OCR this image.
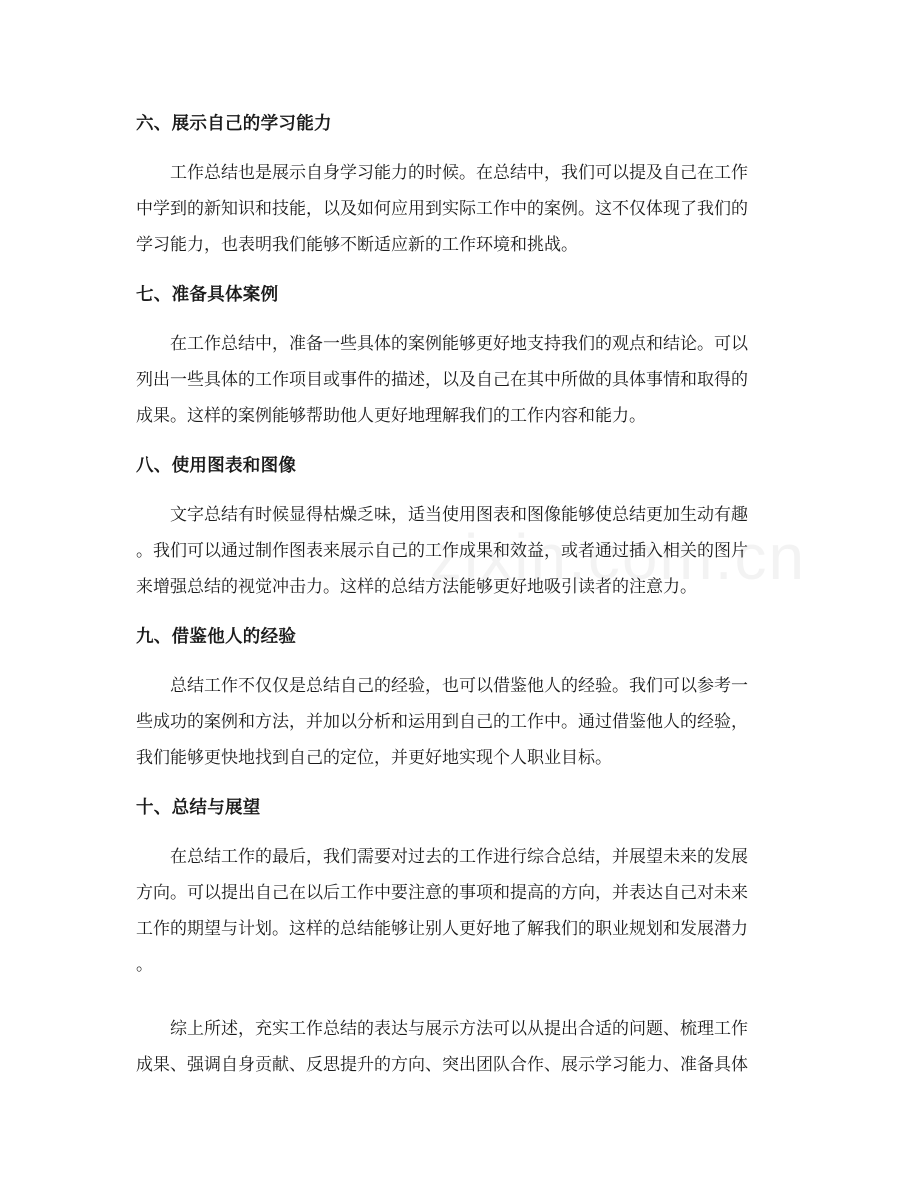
六、展示自己的学习能力
工作总结也是展示自身学习能力的时候。在总结中，我们可以提及自己在工作
中学到的新知识和技能，以及如何应用到实际工作中的案例。这不仅体现了我们的
学习能力，也表明我们能够不断适应新的工作环境和挑战。
七、准备具体案例
在工作总结中，准备一些具体的案例能够更好地支持我们的观点和结论。可以
列出一些具体的工作项目或事件的描述，以及自己在其中所做的具体事情和取得的
成果。这样的案例能够帮助他人更好地理解我们的工作内容和能力。
八、使用图表和图像
文字总结有时候显得枯燥乏味，适当使用图表和图像能够使总结更加生动有趣
。我们可以通过制作图表来展示自己的工作成果和效益，或者通过插入相关的图片
来增强总结的视觉冲击力。这样的总结方法能够更好地吸引读者的注意力。
九、借鉴他人的经验
总结工作不仅仅是总结自己的经验，也可以借鉴他人的经验。我们可以参考一
些成功的案例和方法，并加以分析和运用到自己的工作中。通过借鉴他人的经验，
我们能够更快地找到自己的定位，并更好地实现个人职业目标。
十、总结与展望
在总结工作的最后，我们需要对过去的工作进行综合总结，并展望未来的发展
方向。可以提出自己在以后工作中要注意的事项和提高的方向，并表达自己对未来
工作的期望与计划。这样的总结能够让别人更好地了解我们的职业规划和发展潜力
。
综上所述，充实工作总结的表达与展示方法可以从提出合适的问题、梳理工作
成果、强调自身贡献、反思提升的方向、突出团队合作、展示学习能力、准备具体
